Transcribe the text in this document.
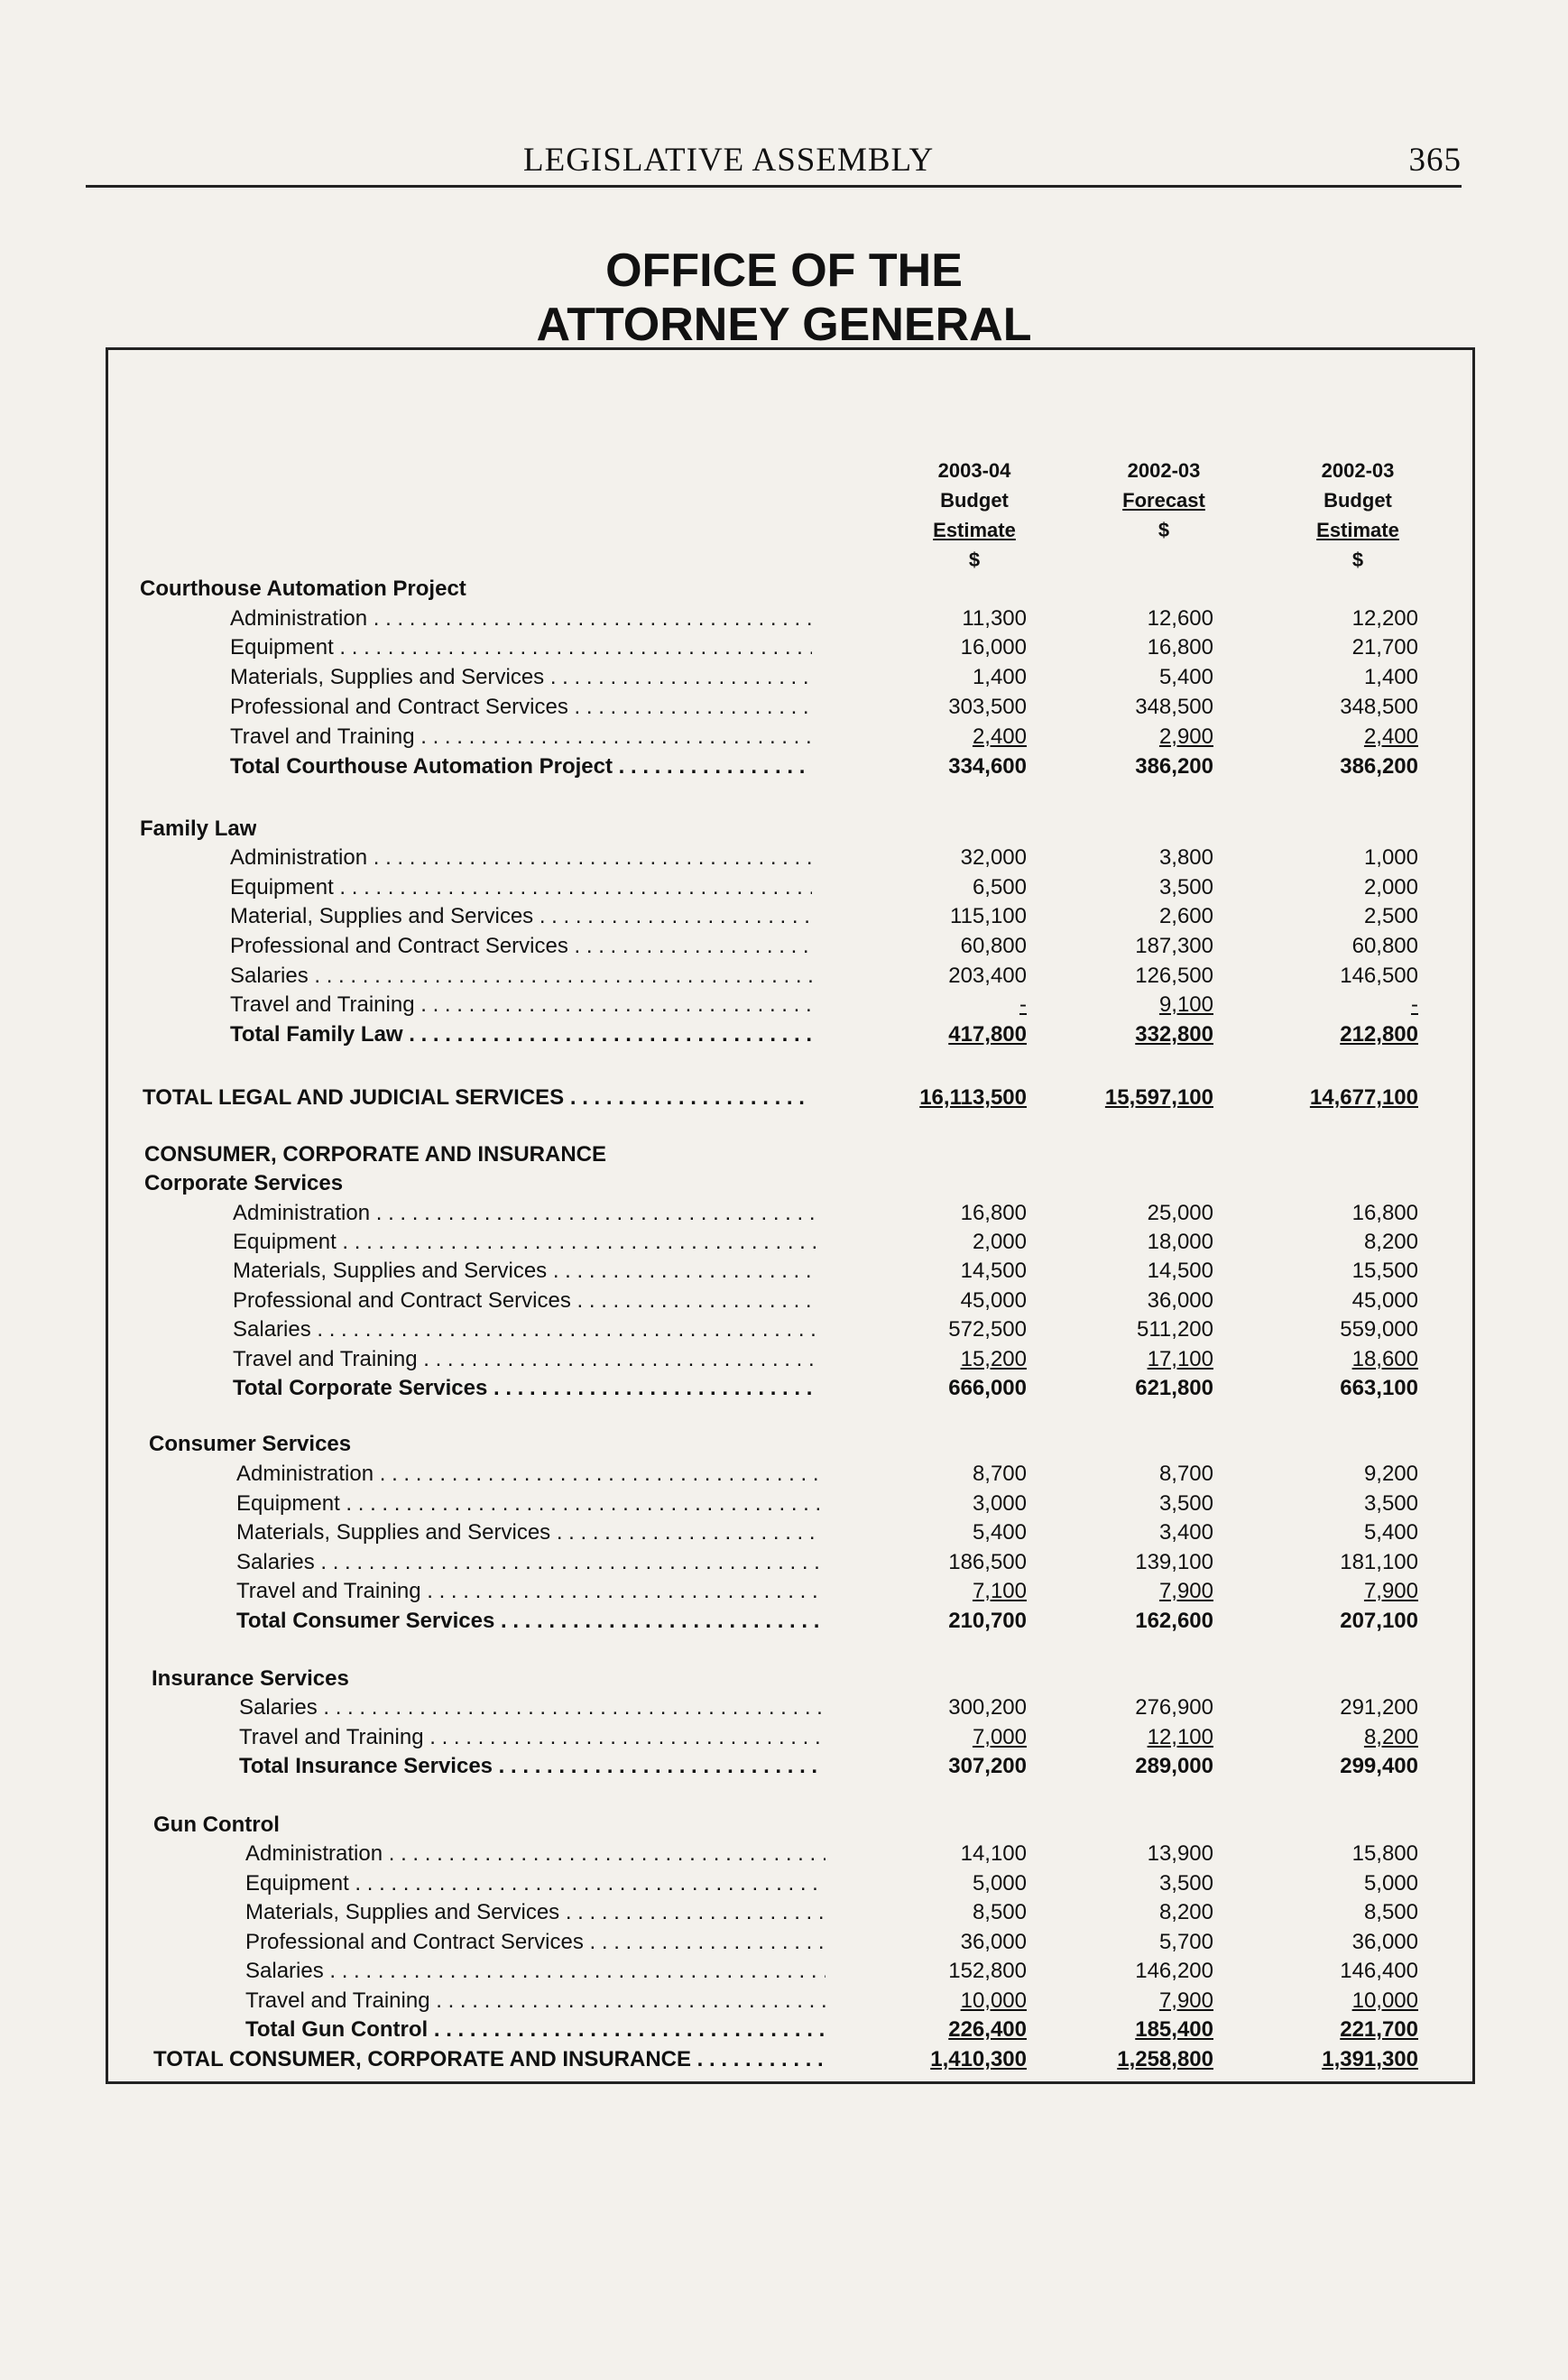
LEGISLATIVE ASSEMBLY	365
OFFICE OF THE
ATTORNEY GENERAL
2003-04
Budget
Estimate
$
2002-03
Forecast
$
2002-03
Budget
Estimate
$
Courthouse Automation Project
Administration . . .	11,300	12,600	12,200
Equipment . . .	16,000	16,800	21,700
Materials, Supplies and Services . . .	1,400	5,400	1,400
Professional and Contract Services . . .	303,500	348,500	348,500
Travel and Training . . .	2,400	2,900	2,400
Total Courthouse Automation Project . . .	334,600	386,200	386,200
Family Law
Administration . . .	32,000	3,800	1,000
Equipment . . .	6,500	3,500	2,000
Material, Supplies and Services . . .	115,100	2,600	2,500
Professional and Contract Services . . .	60,800	187,300	60,800
Salaries . . .	203,400	126,500	146,500
Travel and Training . . .	-	9,100	-
Total Family Law . . .	417,800	332,800	212,800
TOTAL LEGAL AND JUDICIAL SERVICES . . .	16,113,500	15,597,100	14,677,100
CONSUMER, CORPORATE AND INSURANCE
Corporate Services
Administration . . .	16,800	25,000	16,800
Equipment . . .	2,000	18,000	8,200
Materials, Supplies and Services . . .	14,500	14,500	15,500
Professional and Contract Services . . .	45,000	36,000	45,000
Salaries . . .	572,500	511,200	559,000
Travel and Training . . .	15,200	17,100	18,600
Total Corporate Services . . .	666,000	621,800	663,100
Consumer Services
Administration . . .	8,700	8,700	9,200
Equipment . . .	3,000	3,500	3,500
Materials, Supplies and Services . . .	5,400	3,400	5,400
Salaries . . .	186,500	139,100	181,100
Travel and Training . . .	7,100	7,900	7,900
Total Consumer Services . . .	210,700	162,600	207,100
Insurance Services
Salaries . . .	300,200	276,900	291,200
Travel and Training . . .	7,000	12,100	8,200
Total Insurance Services . . .	307,200	289,000	299,400
Gun Control
Administration . . .	14,100	13,900	15,800
Equipment . . .	5,000	3,500	5,000
Materials, Supplies and Services . . .	8,500	8,200	8,500
Professional and Contract Services . . .	36,000	5,700	36,000
Salaries . . .	152,800	146,200	146,400
Travel and Training . . .	10,000	7,900	10,000
Total Gun Control . . .	226,400	185,400	221,700
TOTAL CONSUMER, CORPORATE AND INSURANCE . . .	1,410,300	1,258,800	1,391,300
